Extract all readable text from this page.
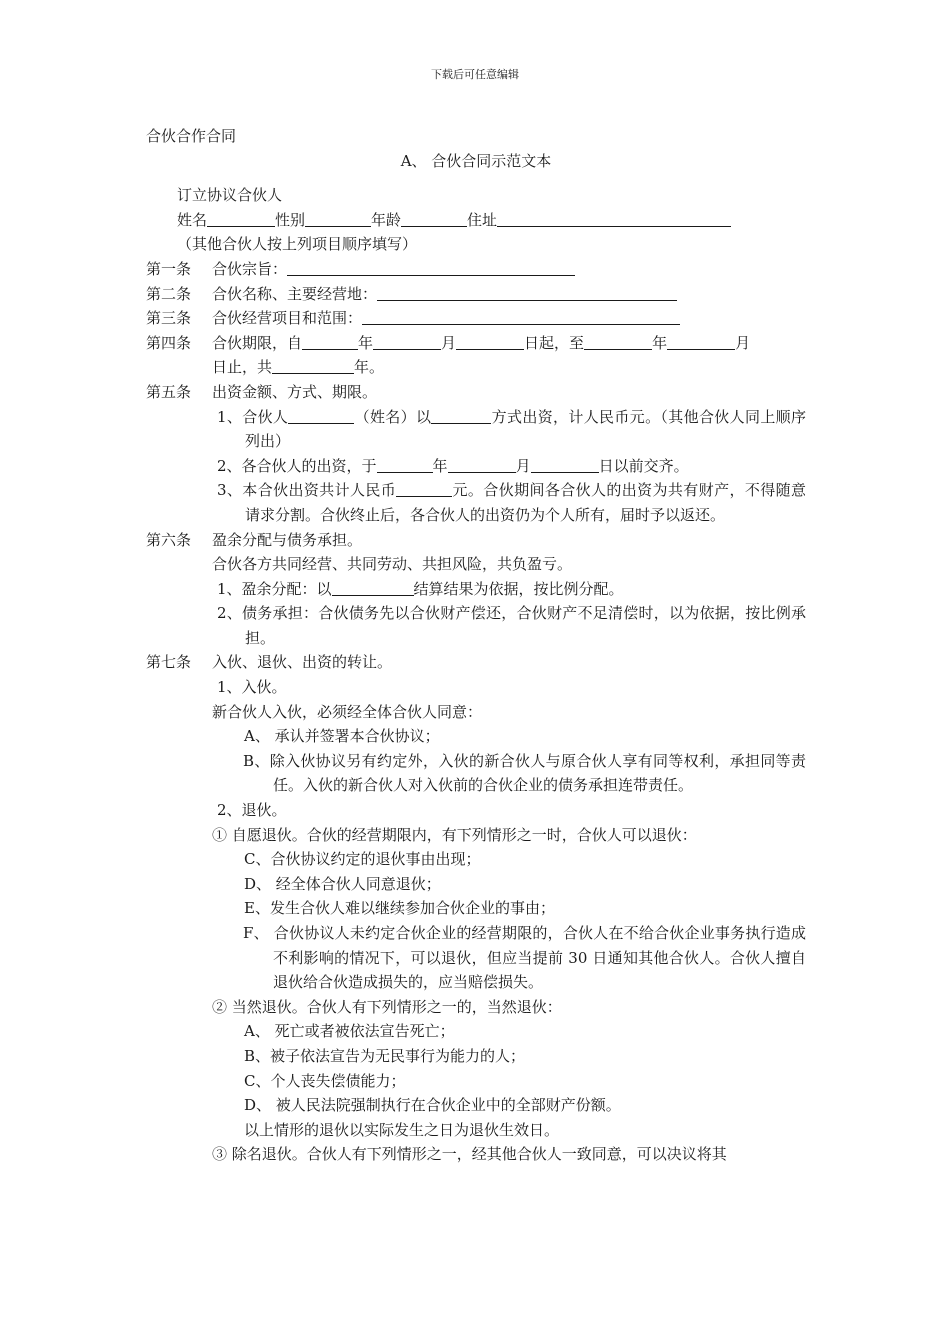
下载后可任意编辑
合伙合作合同
A、 合伙合同示范文本
订立协议合伙人
姓名	性别	年龄	住址
（其他合伙人按上列项目顺序填写）
第一条 合伙宗旨：
第二条 合伙名称、主要经营地：
第三条 合伙经营项目和范围：
第四条 合伙期限，自	年	月	日起，至	年	月
日止，共	年。
第五条 出资金额、方式、期限。
1、合伙人	（姓名）以	方式出资，计人民币元。（其他合伙人同上顺序列出）
2、各合伙人的出资，于	年	月	日以前交齐。
3、本合伙出资共计人民币	元。合伙期间各合伙人的出资为共有财产，不得随意请求分割。合伙终止后，各合伙人的出资仍为个人所有，届时予以返还。
第六条 盈余分配与债务承担。
合伙各方共同经营、共同劳动、共担风险，共负盈亏。
1、盈余分配：以	结算结果为依据，按比例分配。
2、债务承担：合伙债务先以合伙财产偿还，合伙财产不足清偿时，以为依据，按比例承担。
第七条 入伙、退伙、出资的转让。
1、入伙。
新合伙人入伙，必须经全体合伙人同意：
A、 承认并签署本合伙协议；
B、除入伙协议另有约定外，入伙的新合伙人与原合伙人享有同等权利，承担同等责任。入伙的新合伙人对入伙前的合伙企业的债务承担连带责任。
2、退伙。
① 自愿退伙。合伙的经营期限内，有下列情形之一时，合伙人可以退伙：
C、合伙协议约定的退伙事由出现；
D、 经全体合伙人同意退伙；
E、发生合伙人难以继续参加合伙企业的事由；
F、 合伙协议人未约定合伙企业的经营期限的，合伙人在不给合伙企业事务执行造成不利影响的情况下，可以退伙，但应当提前 30 日通知其他合伙人。合伙人擅自退伙给合伙造成损失的，应当赔偿损失。
② 当然退伙。合伙人有下列情形之一的，当然退伙：
A、 死亡或者被依法宣告死亡；
B、被子依法宣告为无民事行为能力的人；
C、个人丧失偿债能力；
D、 被人民法院强制执行在合伙企业中的全部财产份额。
以上情形的退伙以实际发生之日为退伙生效日。
③ 除名退伙。合伙人有下列情形之一，经其他合伙人一致同意，可以决议将其
